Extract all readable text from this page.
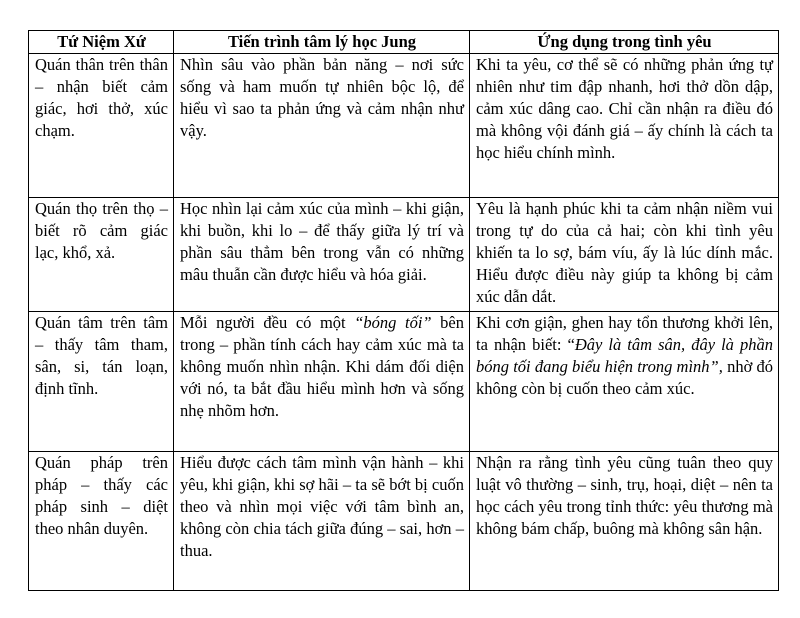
Tứ Niệm Xứ	Tiến trình tâm lý học Jung	Ứng dụng trong tình yêu
Quán thân trên thân – nhận biết cảm giác, hơi thở, xúc chạm.	Nhìn sâu vào phần bản năng – nơi sức sống và ham muốn tự nhiên bộc lộ, để hiểu vì sao ta phản ứng và cảm nhận như vậy.	Khi ta yêu, cơ thể sẽ có những phản ứng tự nhiên như tim đập nhanh, hơi thở dồn dập, cảm xúc dâng cao. Chỉ cần nhận ra điều đó mà không vội đánh giá – ấy chính là cách ta học hiểu chính mình.
Quán thọ trên thọ – biết rõ cảm giác lạc, khổ, xả.	Học nhìn lại cảm xúc của mình – khi giận, khi buồn, khi lo – để thấy giữa lý trí và phần sâu thẳm bên trong vẫn có những mâu thuẫn cần được hiểu và hóa giải.	Yêu là hạnh phúc khi ta cảm nhận niềm vui trong tự do của cả hai; còn khi tình yêu khiến ta lo sợ, bám víu, ấy là lúc dính mắc. Hiểu được điều này giúp ta không bị cảm xúc dẫn dắt.
Quán tâm trên tâm – thấy tâm tham, sân, si, tán loạn, định tĩnh.	Mỗi người đều có một “bóng tối” bên trong – phần tính cách hay cảm xúc mà ta không muốn nhìn nhận. Khi dám đối diện với nó, ta bắt đầu hiểu mình hơn và sống nhẹ nhõm hơn.	Khi cơn giận, ghen hay tổn thương khởi lên, ta nhận biết: “Đây là tâm sân, đây là phần bóng tối đang biểu hiện trong mình”, nhờ đó không còn bị cuốn theo cảm xúc.

Quán pháp trên pháp – thấy các pháp sinh – diệt theo nhân duyên.	Hiểu được cách tâm mình vận hành – khi yêu, khi giận, khi sợ hãi – ta sẽ bớt bị cuốn theo và nhìn mọi việc với tâm bình an, không còn chia tách giữa đúng – sai, hơn – thua.	Nhận ra rằng tình yêu cũng tuân theo quy luật vô thường – sinh, trụ, hoại, diệt – nên ta học cách yêu trong tỉnh thức: yêu thương mà không bám chấp, buông mà không sân hận.
